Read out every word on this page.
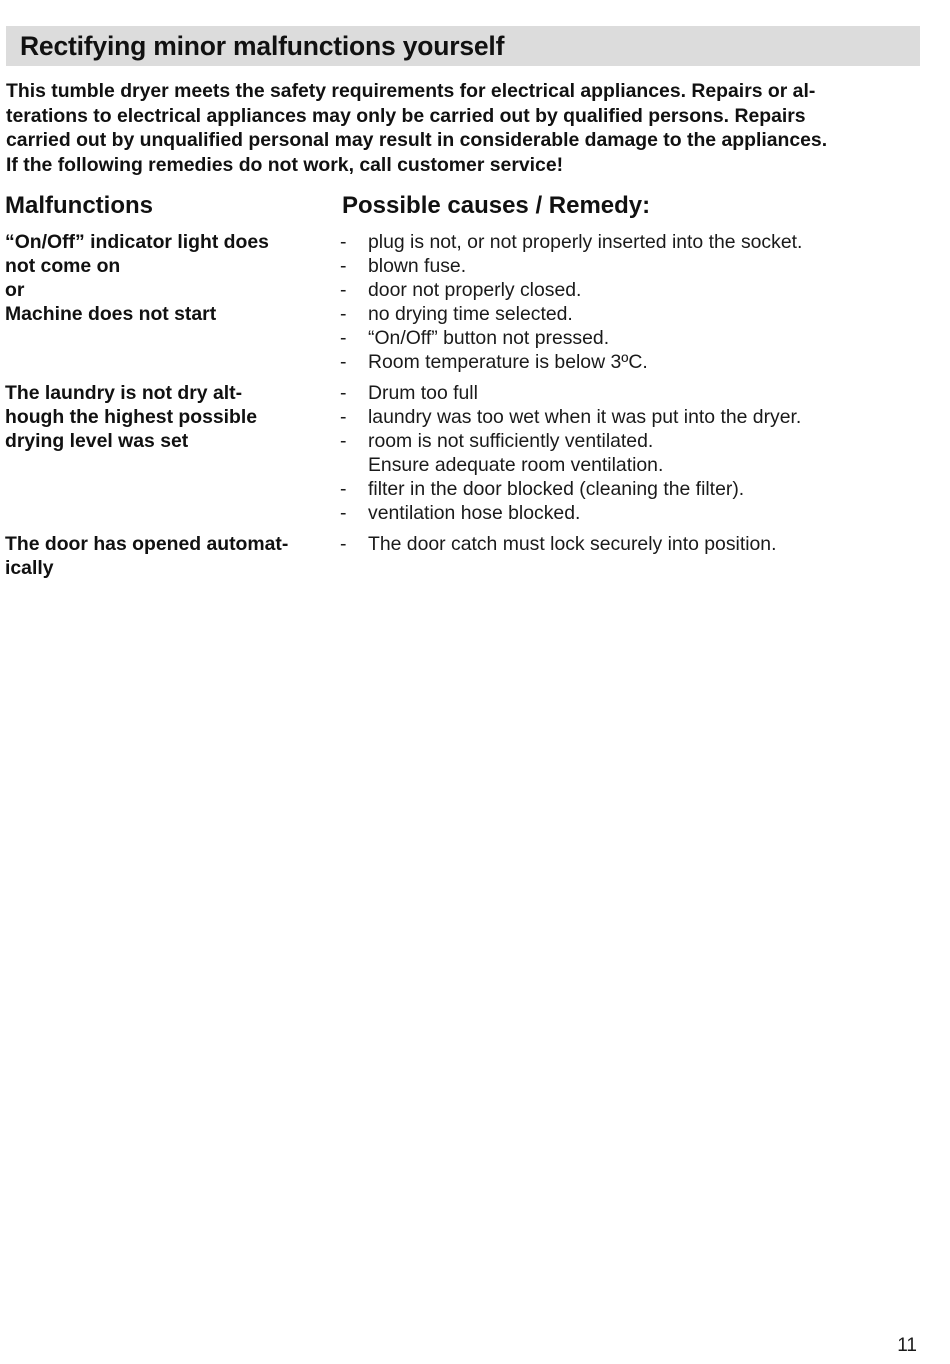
Rectifying minor malfunctions yourself

This tumble dryer meets the safety requirements for electrical appliances. Repairs or al-
terations to electrical appliances may only be carried out by qualified persons. Repairs
carried out by unqualified personal may result in considerable damage to the appliances.
If the following remedies do not work, call customer service!

Malfunctions	Possible causes / Remedy:
“On/Off” indicator light does
not come on
or
Machine does not start
-	plug is not, or not properly inserted into the socket.
-	blown fuse.
-	door not properly closed.
-	no drying time selected.
-	“On/Off” button not pressed.
-	Room temperature is below 3ºC.
The laundry is not dry alt-
hough the highest possible
drying level was set
-	Drum too full
-	laundry was too wet when it was put into the dryer.
-	room is not sufficiently ventilated.
Ensure adequate room ventilation.
-	filter in the door blocked (cleaning the filter).
-	ventilation hose blocked.
The door has opened automat-
ically
-	The door catch must lock securely into position.
11
